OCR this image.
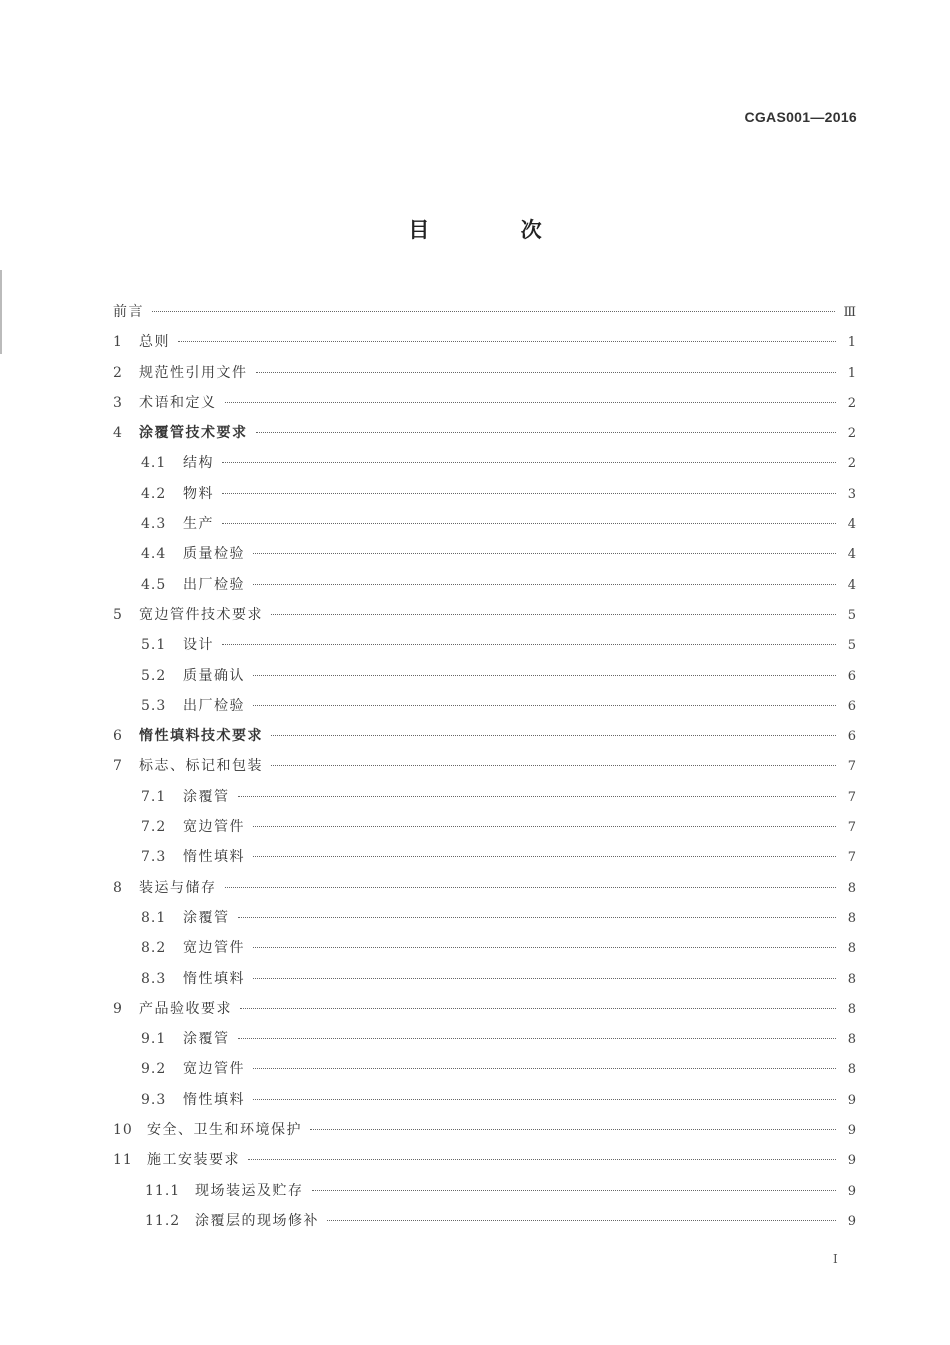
CGAS001—2016
目 次
前言	Ⅲ
1	总则	1
2	规范性引用文件	1
3	术语和定义	2
4	涂覆管技术要求	2
4.1	结构	2
4.2	物料	3
4.3	生产	4
4.4	质量检验	4
4.5	出厂检验	4
5	宽边管件技术要求	5
5.1	设计	5
5.2	质量确认	6
5.3	出厂检验	6
6	惰性填料技术要求	6
7	标志、标记和包装	7
7.1	涂覆管	7
7.2	宽边管件	7
7.3	惰性填料	7
8	装运与储存	8
8.1	涂覆管	8
8.2	宽边管件	8
8.3	惰性填料	8
9	产品验收要求	8
9.1	涂覆管	8
9.2	宽边管件	8
9.3	惰性填料	9
10	安全、卫生和环境保护	9
11	施工安装要求	9
11.1	现场装运及贮存	9
11.2	涂覆层的现场修补	9
I
